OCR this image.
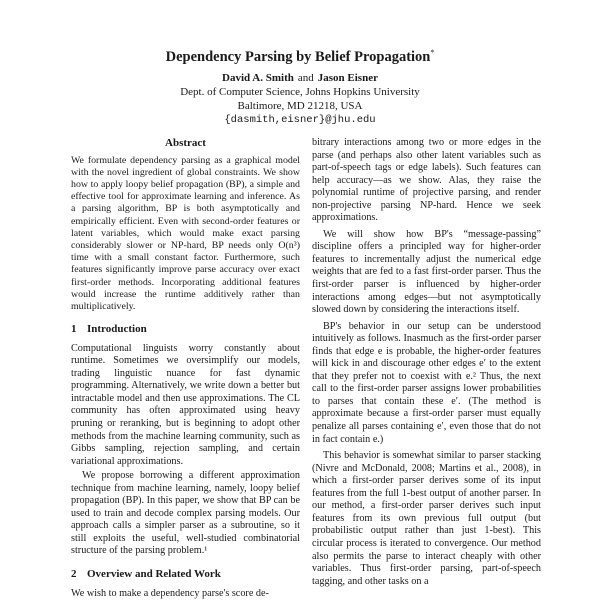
Dependency Parsing by Belief Propagation*
David A. Smith and Jason Eisner
Dept. of Computer Science, Johns Hopkins University
Baltimore, MD 21218, USA
{dasmith,eisner}@jhu.edu
Abstract

We formulate dependency parsing as a graphical model with the novel ingredient of global constraints. We show how to apply loopy belief propagation (BP), a simple and effective tool for approximate learning and inference. As a parsing algorithm, BP is both asymptotically and empirically efficient. Even with second-order features or latent variables, which would make exact parsing considerably slower or NP-hard, BP needs only O(n³) time with a small constant factor. Furthermore, such features significantly improve parse accuracy over exact first-order methods. Incorporating additional features would increase the runtime additively rather than multiplicatively.

1 Introduction

Computational linguists worry constantly about runtime. Sometimes we oversimplify our models, trading linguistic nuance for fast dynamic programming. Alternatively, we write down a better but intractable model and then use approximations. The CL community has often approximated using heavy pruning or reranking, but is beginning to adopt other methods from the machine learning community, such as Gibbs sampling, rejection sampling, and certain variational approximations.

We propose borrowing a different approximation technique from machine learning, namely, loopy belief propagation (BP). In this paper, we show that BP can be used to train and decode complex parsing models. Our approach calls a simpler parser as a subroutine, so it still exploits the useful, well-studied combinatorial structure of the parsing problem.¹

2 Overview and Related Work

We wish to make a dependency parse's score de-

bitrary interactions among two or more edges in the parse (and perhaps also other latent variables such as part-of-speech tags or edge labels). Such features can help accuracy—as we show. Alas, they raise the polynomial runtime of projective parsing, and render non-projective parsing NP-hard. Hence we seek approximations.

We will show how BP's “message-passing” discipline offers a principled way for higher-order features to incrementally adjust the numerical edge weights that are fed to a fast first-order parser. Thus the first-order parser is influenced by higher-order interactions among edges—but not asymptotically slowed down by considering the interactions itself.

BP's behavior in our setup can be understood intuitively as follows. Inasmuch as the first-order parser finds that edge e is probable, the higher-order features will kick in and discourage other edges e′ to the extent that they prefer not to coexist with e.² Thus, the next call to the first-order parser assigns lower probabilities to parses that contain these e′. (The method is approximate because a first-order parser must equally penalize all parses containing e′, even those that do not in fact contain e.)

This behavior is somewhat similar to parser stacking (Nivre and McDonald, 2008; Martins et al., 2008), in which a first-order parser derives some of its input features from the full 1-best output of another parser. In our method, a first-order parser derives such input features from its own previous full output (but probabilistic output rather than just 1-best). This circular process is iterated to convergence. Our method also permits the parse to interact cheaply with other variables. Thus first-order parsing, part-of-speech tagging, and other tasks on a
